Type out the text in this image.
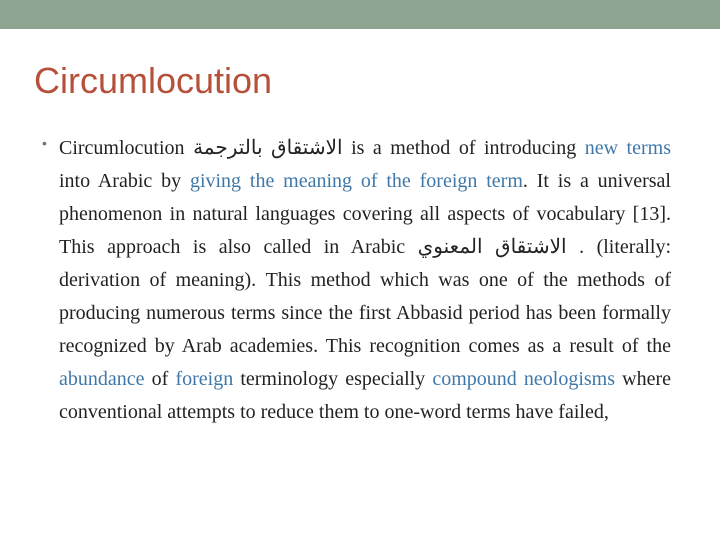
Circumlocution
• Circumlocution الاشتقاق بالترجمة is a method of introducing new terms into Arabic by giving the meaning of the foreign term. It is a universal phenomenon in natural languages covering all aspects of vocabulary [13]. This approach is also called in Arabic الاشتقاق المعنوي . (literally: derivation of meaning). This method which was one of the methods of producing numerous terms since the first Abbasid period has been formally recognized by Arab academies. This recognition comes as a result of the abundance of foreign terminology especially compound neologisms where conventional attempts to reduce them to one-word terms have failed,
